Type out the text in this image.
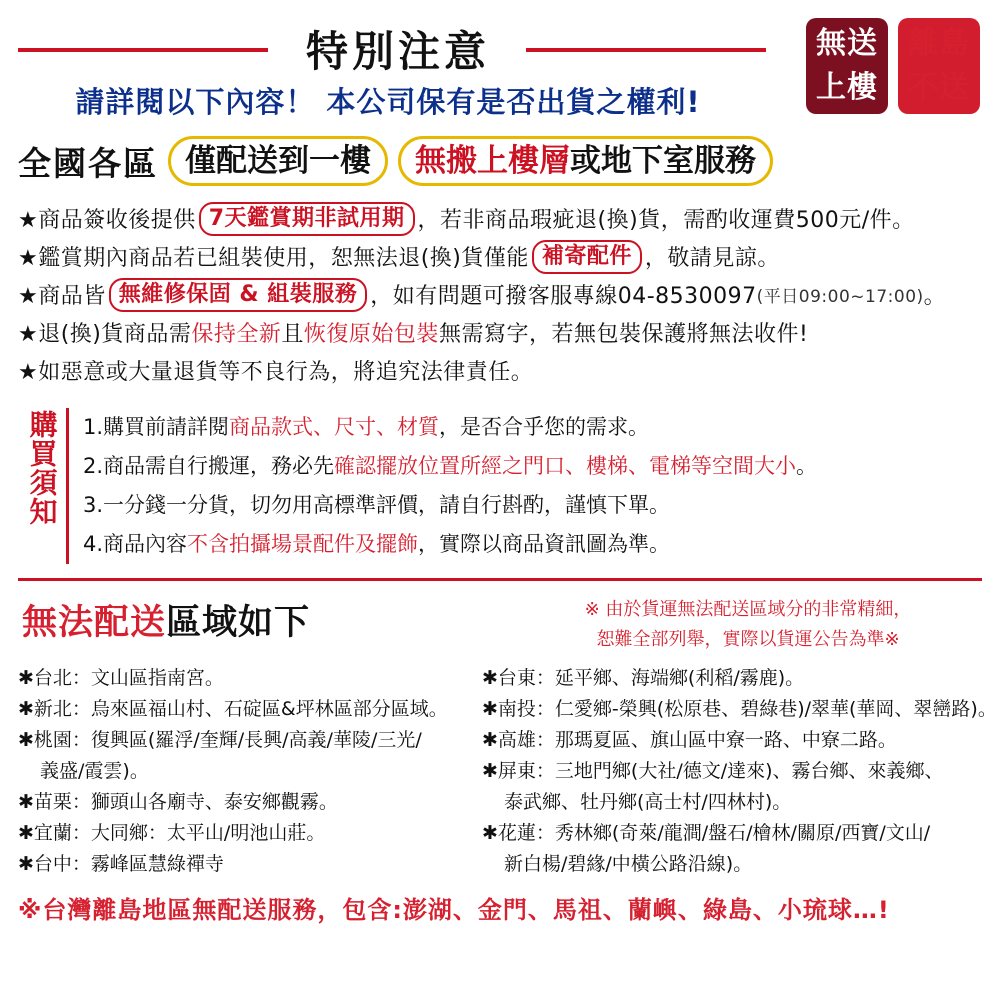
特別注意
請詳閱以下內容！ 本公司保有是否出貨之權利!
無送
上樓
離島
不送
全國各區 僅配送到一樓	無搬上樓層或地下室服務
★商品簽收後提供 7天鑑賞期非試用期 ，若非商品瑕疵退(換)貨，需酌收運費500元/件。
★鑑賞期內商品若已組裝使用，恕無法退(換)貨僅能 補寄配件 ，敬請見諒。
★商品皆 無維修保固 & 組裝服務 ，如有問題可撥客服專線04-8530097 (平日09:00~17:00) 。
★退(換)貨商品需 保持全新 且 恢復原始包裝 無需寫字，若無包裝保護將無法收件!
★如惡意或大量退貨等不良行為，將追究法律責任。
購買須知 1.購買前請詳閱商品款式、尺寸、材質，是否合乎您的需求。
2.商品需自行搬運，務必先確認擺放位置所經之門口、樓梯、電梯等空間大小。
3.一分錢一分貨，切勿用高標準評價，請自行斟酌，謹慎下單。
4.商品內容不含拍攝場景配件及擺飾，實際以商品資訊圖為準。
無法配送區域如下	※ 由於貨運無法配送區域分的非常精細，
恕難全部列舉，實際以貨運公告為準※
✱台北：文山區指南宮。
✱新北：烏來區福山村、石碇區&坪林區部分區域。
✱桃園：復興區(羅浮/奎輝/長興/高義/華陵/三光/
義盛/霞雲)。
✱苗栗：獅頭山各廟寺、泰安鄉觀霧。
✱宜蘭：大同鄉：太平山/明池山莊。
✱台中：霧峰區慧綠禪寺
✱台東：延平鄉、海端鄉(利稻/霧鹿)。
✱南投：仁愛鄉-榮興(松原巷、碧綠巷)/翠華(華岡、翠巒路)。
✱高雄：那瑪夏區、旗山區中寮一路、中寮二路。
✱屏東：三地門鄉(大社/德文/達來)、霧台鄉、來義鄉、
泰武鄉、牡丹鄉(高士村/四林村)。
✱花蓮：秀林鄉(奇萊/龍澗/盤石/檜林/關原/西寶/文山/
新白楊/碧緣/中橫公路沿線)。
※台灣離島地區無配送服務，包含:澎湖、金門、馬祖、蘭嶼、綠島、小琉球…!
